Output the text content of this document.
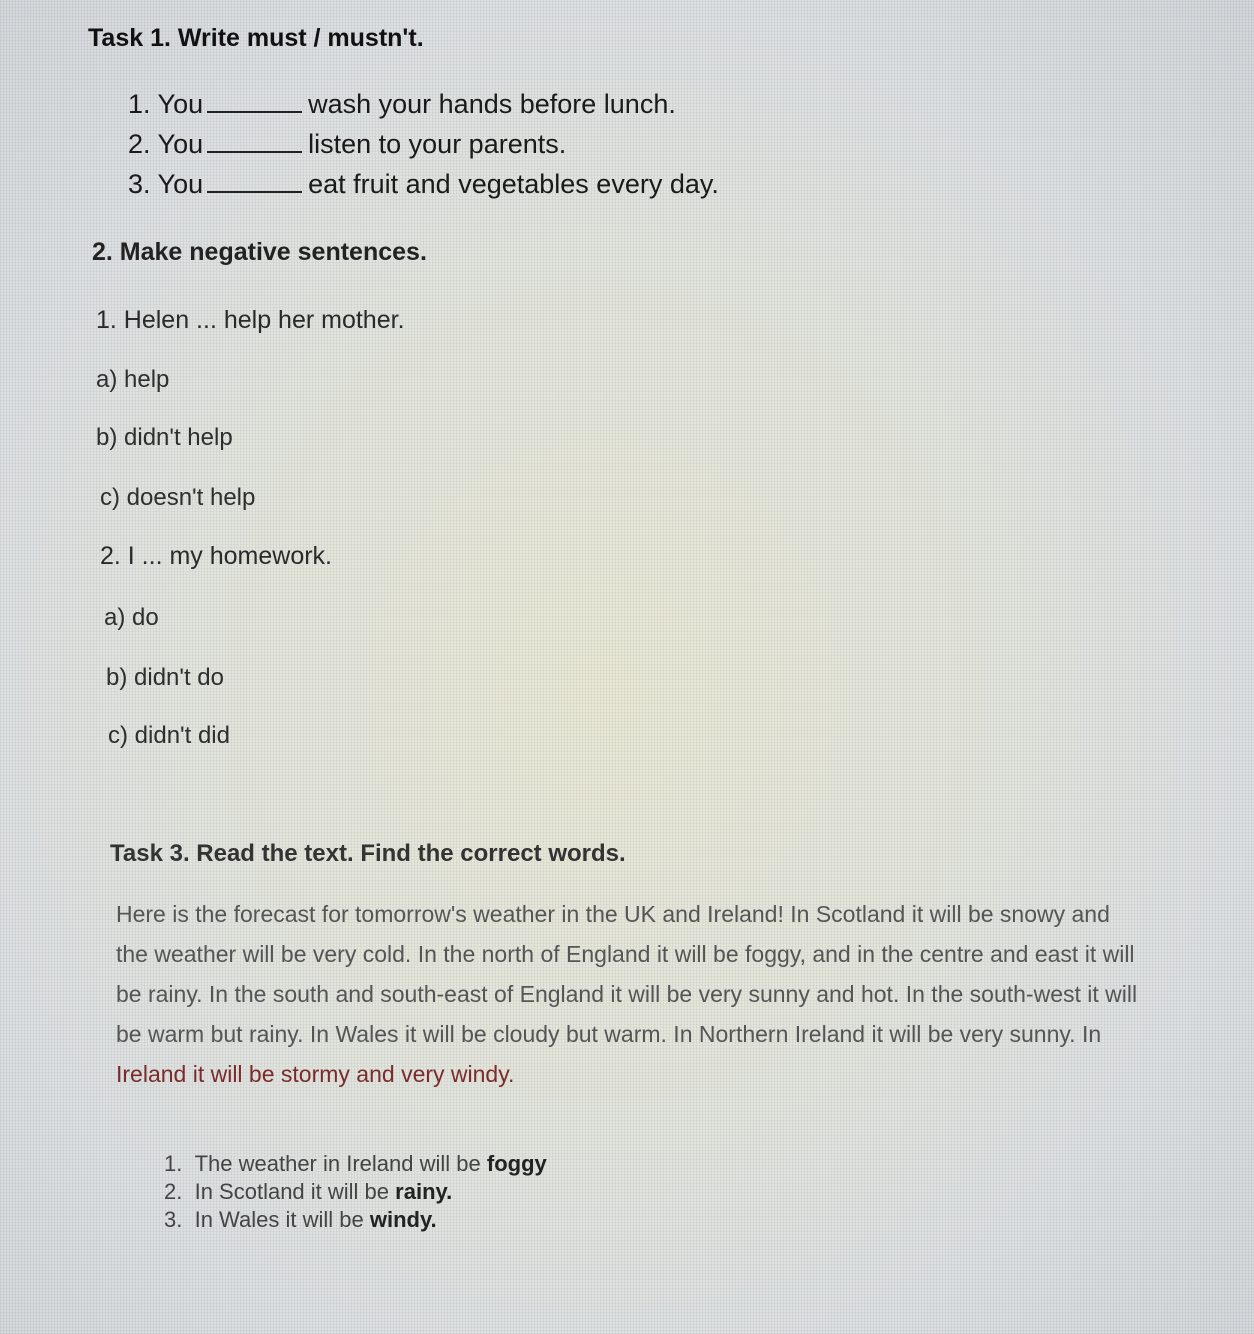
Task 1. Write must / mustn't.
1. You	wash your hands before lunch.
2. You	listen to your parents.
3. You	eat fruit and vegetables every day.
2. Make negative sentences.
1. Helen ... help her mother.
a) help
b) didn't help
c) doesn't help
2. I ... my homework.
a) do
b) didn't do
c) didn't did
Task 3. Read the text. Find the correct words.
Here is the forecast for tomorrow's weather in the UK and Ireland! In Scotland it will be snowy and the weather will be very cold. In the north of England it will be foggy, and in the centre and east it will be rainy. In the south and south-east of England it will be very sunny and hot. In the south-west it will be warm but rainy. In Wales it will be cloudy but warm. In Northern Ireland it will be very sunny. In Ireland it will be stormy and very windy.
1. The weather in Ireland will be foggy
2. In Scotland it will be rainy.
3. In Wales it will be windy.
